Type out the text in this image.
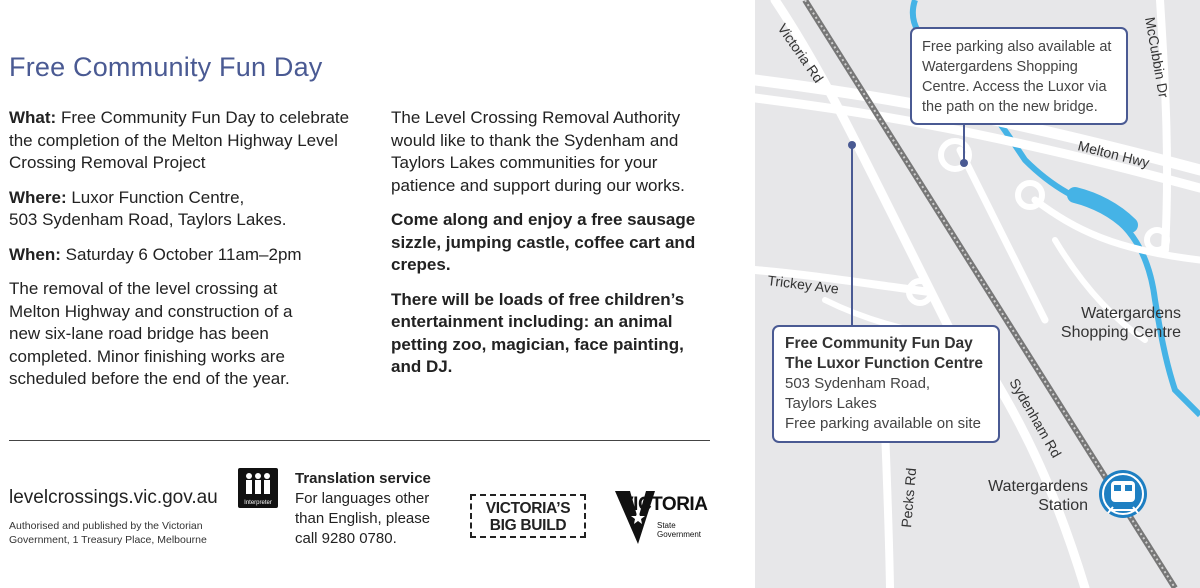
Free Community Fun Day

What: Free Community Fun Day to celebrate the completion of the Melton Highway Level Crossing Removal Project

Where: Luxor Function Centre,
503 Sydenham Road, Taylors Lakes.

When: Saturday 6 October 11am–2pm

The removal of the level crossing at Melton Highway and construction of a new six-lane road bridge has been completed. Minor finishing works are scheduled before the end of the year.

The Level Crossing Removal Authority would like to thank the Sydenham and Taylors Lakes communities for your patience and support during our works.

Come along and enjoy a free sausage sizzle, jumping castle, coffee cart and crepes.

There will be loads of free children’s entertainment including: an animal petting zoo, magician, face painting, and DJ.

levelcrossings.vic.gov.au
Authorised and published by the Victorian Government, 1 Treasury Place, Melbourne
Interpreter
Translation service
For languages other than English, please call 9280 0780.
VICTORIA’S
BIG BUILD
VICTORIA
State
Government
Victoria Rd	McCubbin Dr
Melton Hwy
Trickey Ave
Sydenham Rd
Pecks Rd
Watergardens
Shopping Centre
Watergardens
Station
Free parking also available at Watergardens Shopping Centre. Access the Luxor via the path on the new bridge.
Free Community Fun Day
The Luxor Function Centre
503 Sydenham Road,
Taylors Lakes
Free parking available on site
